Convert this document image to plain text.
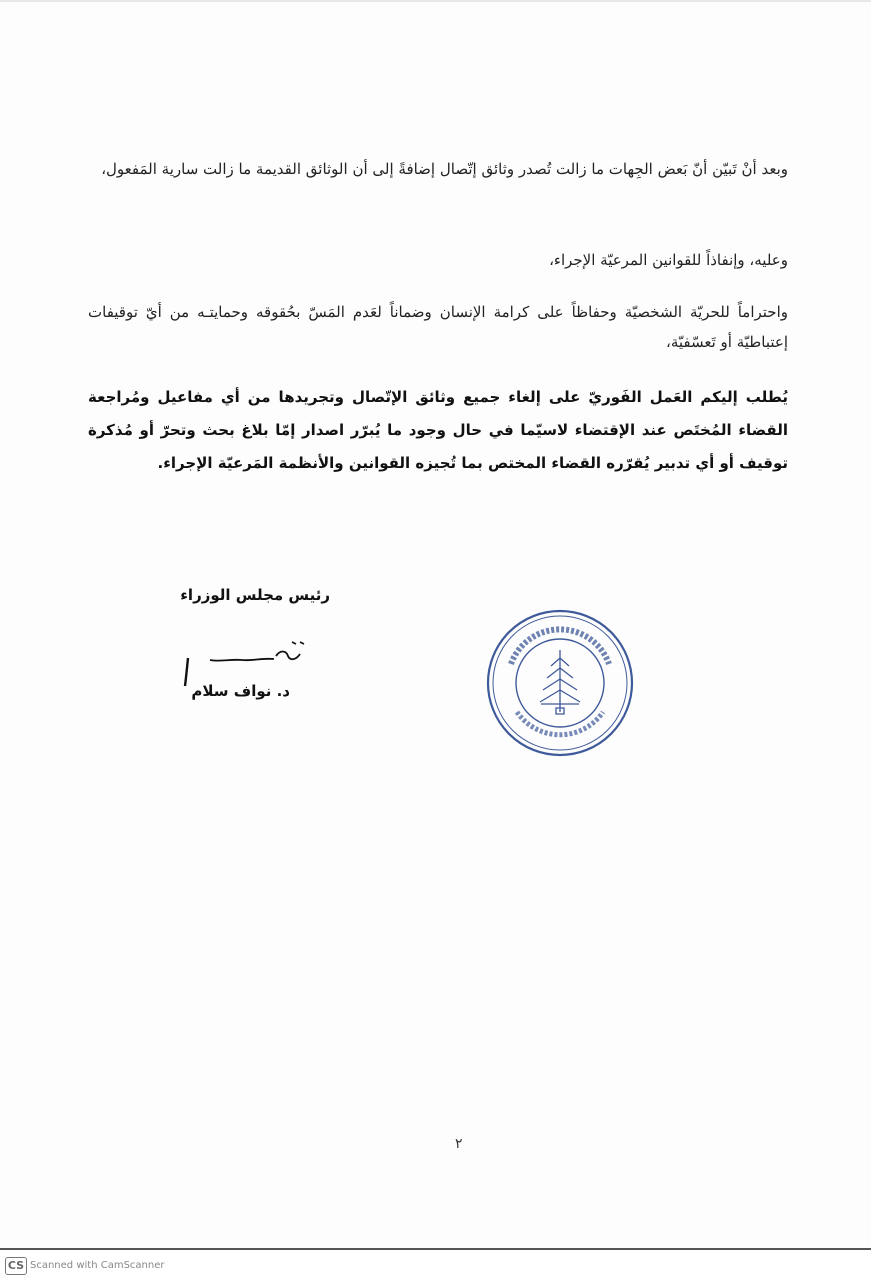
وبعد أنْ تَبيّن أنّ بَعض الجِهات ما زالت تُصدر وثائق إتّصال إضافةً إلى أن الوثائق القديمة ما زالت سارية المَفعول،

وعليه، وإنفاذاً للقوانين المرعيّة الإجراء،

واحتراماً للحريّة الشخصيّة وحفاظاً على كرامة الإنسان وضماناً لعَدم المَسّ بحُقوقه وحمايتـه من أيّ توقيفات إعتباطيّة أو تَعسّفيّة،

يُطلب إليكم العَمل الفَوريّ على إلغاء جميع وثائق الإتّصال وتجريدها من أي مفاعيل ومُراجعة القضاء المُختَص عند الإقتضاء لاسيّما في حال وجود ما يُبرّر اصدار إمّا بلاغ بحث وتحرّ أو مُذكرة توقيف أو أي تدبير يُقرّره القضاء المختص بما تُجيزه القوانين والأنظمة المَرعيّة الإجراء.

رئيس مجلس الوزراء
د. نواف سلام
٢
CS Scanned with CamScanner
